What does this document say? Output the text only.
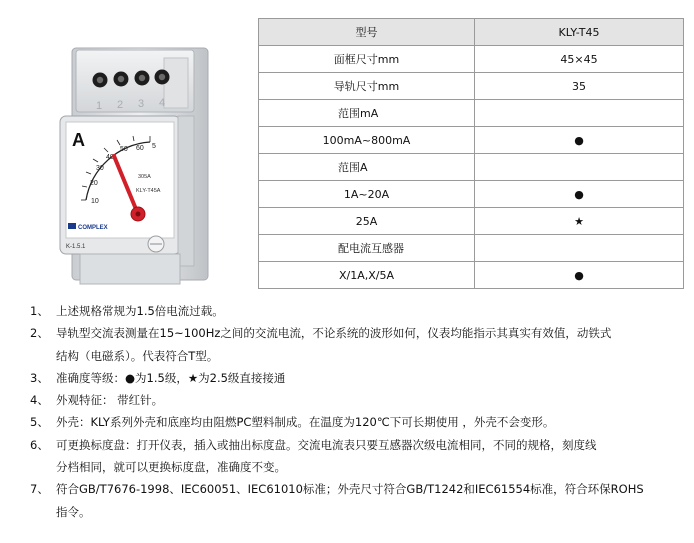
1 2 3 4
10
20
30
40
50 60 5
A
305A
KLY-T45A
COMPLEX
K-1.5.1
型号	KLY-T45
面框尺寸mm	45×45
导轨尺寸mm	35
范围mA	
100mA~800mA	●
范围A	
1A~20A	●
25A	★
配电流互感器	
X/1A,X/5A	●
1、 上述规格常规为1.5倍电流过载。
2、 导轨型交流表测量在15~100Hz之间的交流电流，不论系统的波形如何，仪表均能指示其真实有效值，动铁式
结构（电磁系）。代表符合T型。
3、 准确度等级：●为1.5级，★为2.5级直接接通
4、 外观特征： 带红针。
5、 外壳：KLY系列外壳和底座均由阻燃PC塑料制成。在温度为120℃下可长期使用 ，外壳不会变形。
6、 可更换标度盘：打开仪表，插入或抽出标度盘。交流电流表只要互感器次级电流相同，不同的规格，刻度线
分档相同，就可以更换标度盘，准确度不变。
7、 符合GB/T7676-1998、IEC60051、IEC61010标准；外壳尺寸符合GB/T1242和IEC61554标准，符合环保ROHS
指令。
